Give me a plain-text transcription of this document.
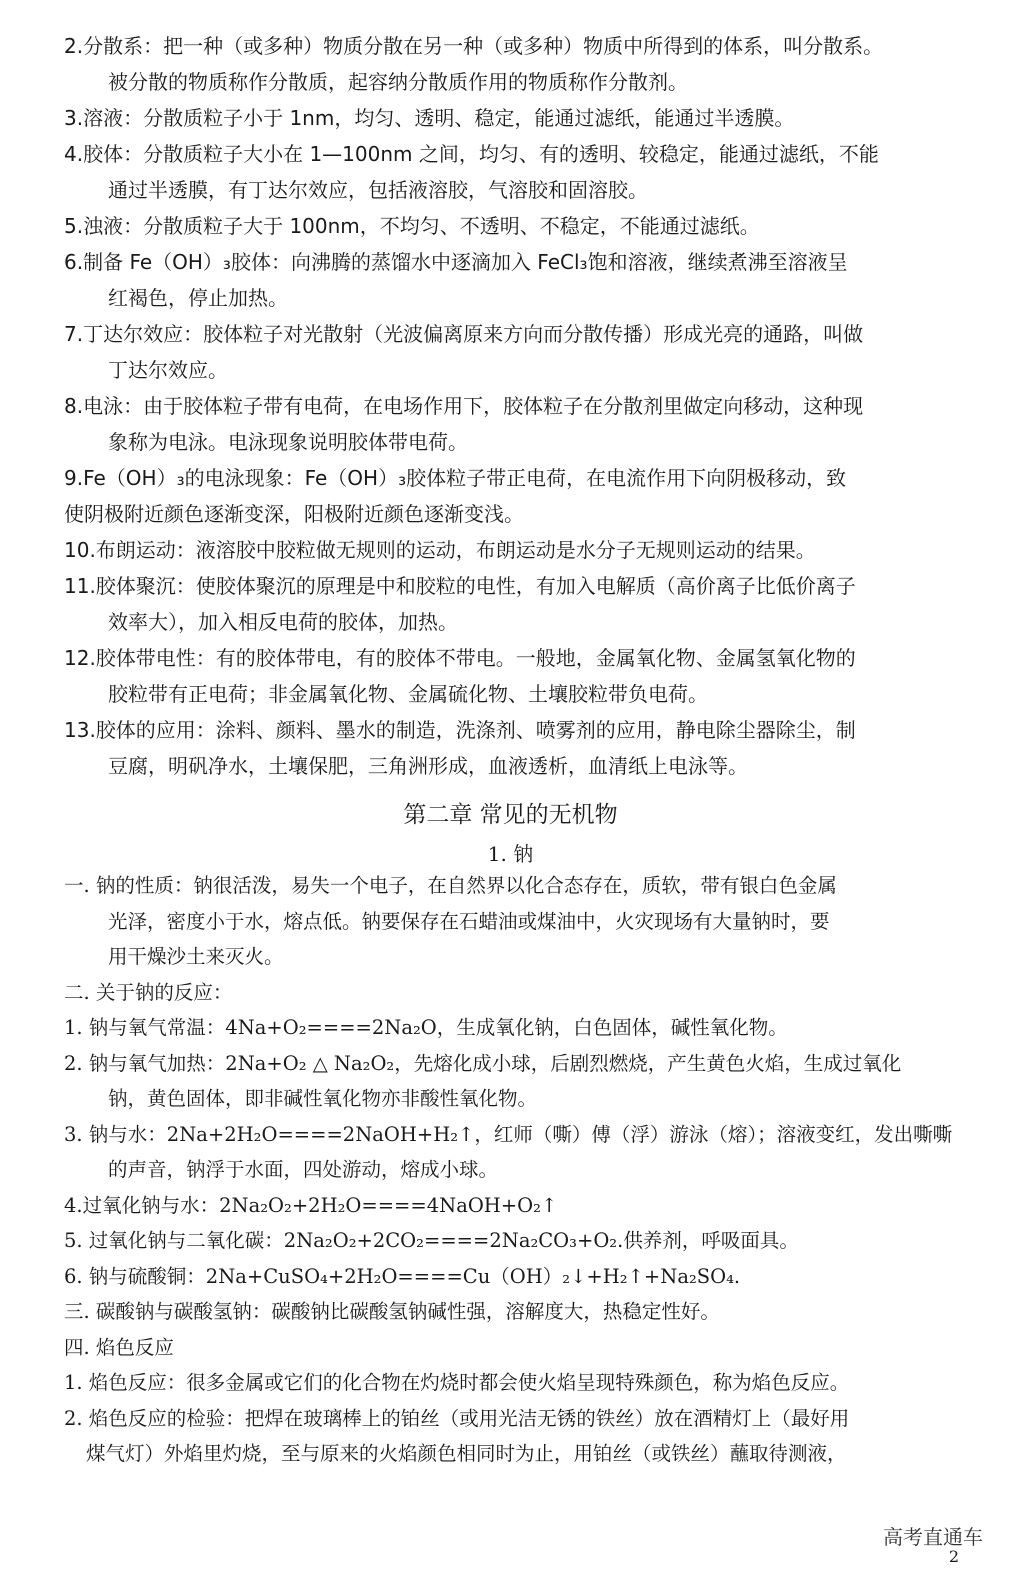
2.分散系：把一种（或多种）物质分散在另一种（或多种）物质中所得到的体系，叫分散系。
被分散的物质称作分散质，起容纳分散质作用的物质称作分散剂。

3.溶液：分散质粒子小于 1nm，均匀、透明、稳定，能通过滤纸，能通过半透膜。

4.胶体：分散质粒子大小在 1—100nm 之间，均匀、有的透明、较稳定，能通过滤纸，不能
通过半透膜，有丁达尔效应，包括液溶胶，气溶胶和固溶胶。

5.浊液：分散质粒子大于 100nm，不均匀、不透明、不稳定，不能通过滤纸。

6.制备 Fe（OH）₃胶体：向沸腾的蒸馏水中逐滴加入 FeCl₃饱和溶液，继续煮沸至溶液呈
红褐色，停止加热。

7.丁达尔效应：胶体粒子对光散射（光波偏离原来方向而分散传播）形成光亮的通路，叫做
丁达尔效应。

8.电泳：由于胶体粒子带有电荷，在电场作用下，胶体粒子在分散剂里做定向移动，这种现
象称为电泳。电泳现象说明胶体带电荷。

9.Fe（OH）₃的电泳现象：Fe（OH）₃胶体粒子带正电荷，在电流作用下向阴极移动，致
使阴极附近颜色逐渐变深，阳极附近颜色逐渐变浅。

10.布朗运动：液溶胶中胶粒做无规则的运动，布朗运动是水分子无规则运动的结果。

11.胶体聚沉：使胶体聚沉的原理是中和胶粒的电性，有加入电解质（高价离子比低价离子
效率大），加入相反电荷的胶体，加热。

12.胶体带电性：有的胶体带电，有的胶体不带电。一般地，金属氧化物、金属氢氧化物的
胶粒带有正电荷；非金属氧化物、金属硫化物、土壤胶粒带负电荷。

13.胶体的应用：涂料、颜料、墨水的制造，洗涤剂、喷雾剂的应用，静电除尘器除尘，制
豆腐，明矾净水，土壤保肥，三角洲形成，血液透析，血清纸上电泳等。

第二章 常见的无机物
1. 钠

一. 钠的性质：钠很活泼，易失一个电子，在自然界以化合态存在，质软，带有银白色金属

光泽，密度小于水，熔点低。钠要保存在石蜡油或煤油中，火灾现场有大量钠时，要

用干燥沙土来灭火。

二. 关于钠的反应：

1. 钠与氧气常温：4Na+O₂====2Na₂O，生成氧化钠，白色固体，碱性氧化物。

2. 钠与氧气加热：2Na+O₂ △ Na₂O₂，先熔化成小球，后剧烈燃烧，产生黄色火焰，生成过氧化

钠，黄色固体，即非碱性氧化物亦非酸性氧化物。

3. 钠与水：2Na+2H₂O====2NaOH+H₂↑，红师（嘶）傅（浮）游泳（熔）；溶液变红，发出嘶嘶

的声音，钠浮于水面，四处游动，熔成小球。

4.过氧化钠与水：2Na₂O₂+2H₂O====4NaOH+O₂↑

5. 过氧化钠与二氧化碳：2Na₂O₂+2CO₂====2Na₂CO₃+O₂.供养剂，呼吸面具。

6. 钠与硫酸铜：2Na+CuSO₄+2H₂O====Cu（OH）₂↓+H₂↑+Na₂SO₄.

三. 碳酸钠与碳酸氢钠：碳酸钠比碳酸氢钠碱性强，溶解度大，热稳定性好。

四. 焰色反应

1. 焰色反应：很多金属或它们的化合物在灼烧时都会使火焰呈现特殊颜色，称为焰色反应。

2. 焰色反应的检验：把焊在玻璃棒上的铂丝（或用光洁无锈的铁丝）放在酒精灯上（最好用

煤气灯）外焰里灼烧，至与原来的火焰颜色相同时为止，用铂丝（或铁丝）蘸取待测液，

高考直通车
2
